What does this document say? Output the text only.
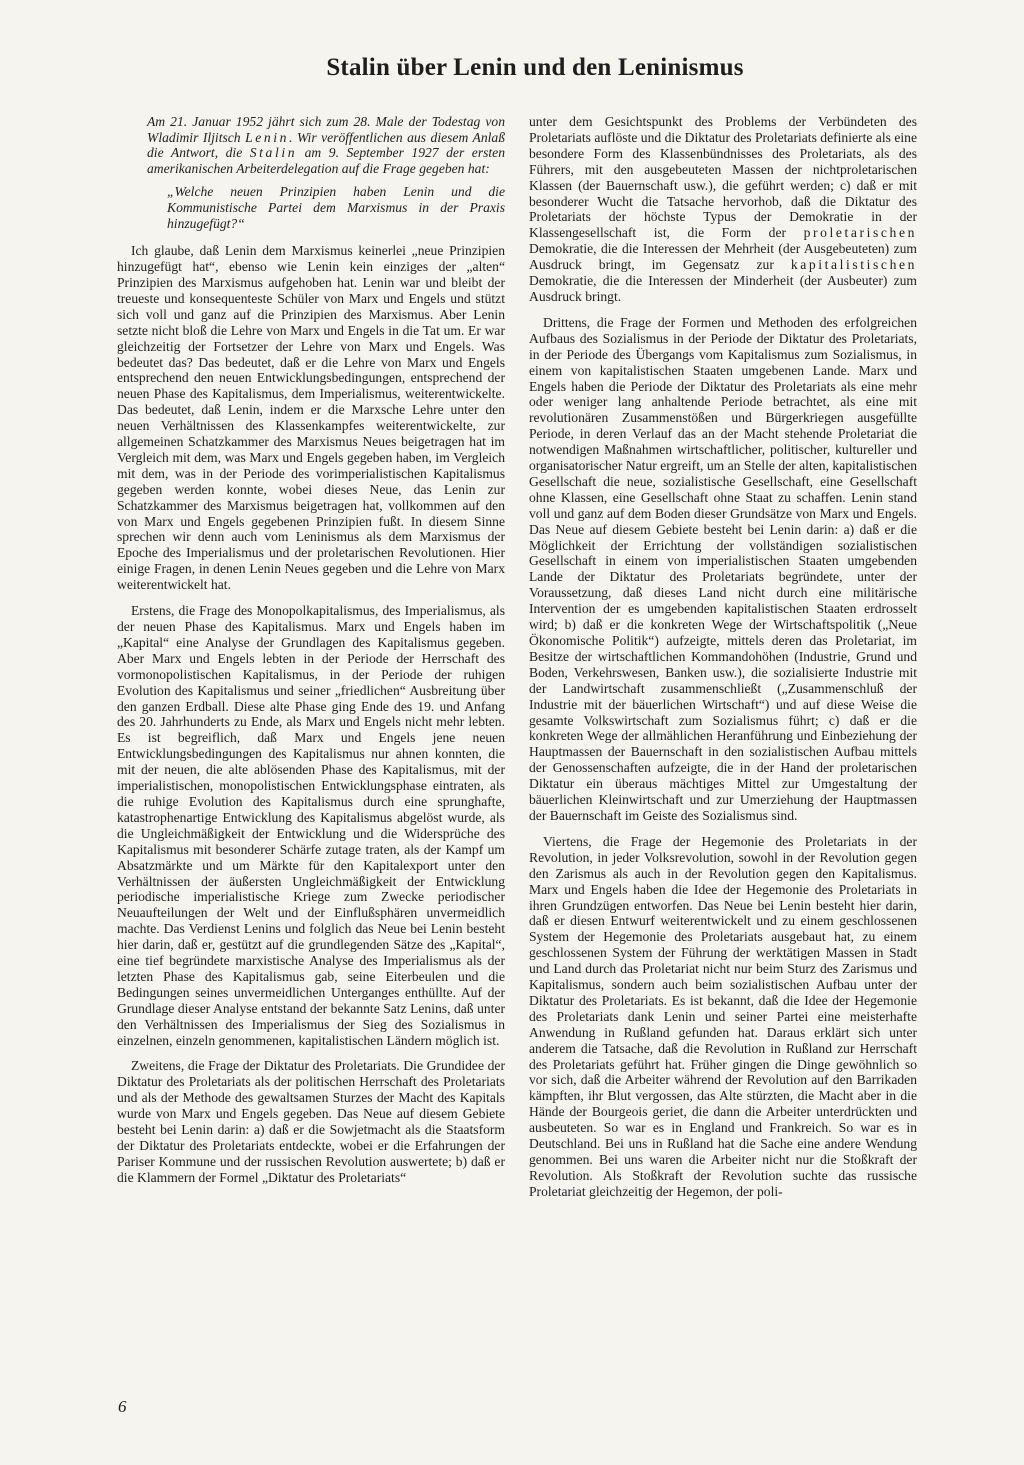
Stalin über Lenin und den Leninismus

Am 21. Januar 1952 jährt sich zum 28. Male der Todestag von Wladimir Iljitsch Lenin. Wir veröffentlichen aus diesem Anlaß die Antwort, die Stalin am 9. September 1927 der ersten amerikanischen Arbeiterdelegation auf die Frage gegeben hat:

„Welche neuen Prinzipien haben Lenin und die Kommunistische Partei dem Marxismus in der Praxis hinzugefügt?“

Ich glaube, daß Lenin dem Marxismus keinerlei „neue Prinzipien hinzugefügt hat“, ebenso wie Lenin kein einziges der „alten“ Prinzipien des Marxismus aufgehoben hat. Lenin war und bleibt der treueste und konsequenteste Schüler von Marx und Engels und stützt sich voll und ganz auf die Prinzipien des Marxismus. Aber Lenin setzte nicht bloß die Lehre von Marx und Engels in die Tat um. Er war gleichzeitig der Fortsetzer der Lehre von Marx und Engels. Was bedeutet das? Das bedeutet, daß er die Lehre von Marx und Engels entsprechend den neuen Entwicklungsbedingungen, entsprechend der neuen Phase des Kapitalismus, dem Imperialismus, weiterentwickelte. Das bedeutet, daß Lenin, indem er die Marxsche Lehre unter den neuen Verhältnissen des Klassenkampfes weiterentwickelte, zur allgemeinen Schatzkammer des Marxismus Neues beigetragen hat im Vergleich mit dem, was Marx und Engels gegeben haben, im Vergleich mit dem, was in der Periode des vorimperialistischen Kapitalismus gegeben werden konnte, wobei dieses Neue, das Lenin zur Schatzkammer des Marxismus beigetragen hat, vollkommen auf den von Marx und Engels gegebenen Prinzipien fußt. In diesem Sinne sprechen wir denn auch vom Leninismus als dem Marxismus der Epoche des Imperialismus und der proletarischen Revolutionen. Hier einige Fragen, in denen Lenin Neues gegeben und die Lehre von Marx weiterentwickelt hat.

Erstens, die Frage des Monopolkapitalismus, des Imperialismus, als der neuen Phase des Kapitalismus. Marx und Engels haben im „Kapital“ eine Analyse der Grundlagen des Kapitalismus gegeben. Aber Marx und Engels lebten in der Periode der Herrschaft des vormonopolistischen Kapitalismus, in der Periode der ruhigen Evolution des Kapitalismus und seiner „friedlichen“ Ausbreitung über den ganzen Erdball. Diese alte Phase ging Ende des 19. und Anfang des 20. Jahrhunderts zu Ende, als Marx und Engels nicht mehr lebten. Es ist begreiflich, daß Marx und Engels jene neuen Entwicklungsbedingungen des Kapitalismus nur ahnen konnten, die mit der neuen, die alte ablösenden Phase des Kapitalismus, mit der imperialistischen, monopolistischen Entwicklungsphase eintraten, als die ruhige Evolution des Kapitalismus durch eine sprunghafte, katastrophenartige Entwicklung des Kapitalismus abgelöst wurde, als die Ungleichmäßigkeit der Entwicklung und die Widersprüche des Kapitalismus mit besonderer Schärfe zutage traten, als der Kampf um Absatzmärkte und um Märkte für den Kapitalexport unter den Verhältnissen der äußersten Ungleichmäßigkeit der Entwicklung periodische imperialistische Kriege zum Zwecke periodischer Neuaufteilungen der Welt und der Einflußsphären unvermeidlich machte. Das Verdienst Lenins und folglich das Neue bei Lenin besteht hier darin, daß er, gestützt auf die grundlegenden Sätze des „Kapital“, eine tief begründete marxistische Analyse des Imperialismus als der letzten Phase des Kapitalismus gab, seine Eiterbeulen und die Bedingungen seines unvermeidlichen Unterganges enthüllte. Auf der Grundlage dieser Analyse entstand der bekannte Satz Lenins, daß unter den Verhältnissen des Imperialismus der Sieg des Sozialismus in einzelnen, einzeln genommenen, kapitalistischen Ländern möglich ist.

Zweitens, die Frage der Diktatur des Proletariats. Die Grundidee der Diktatur des Proletariats als der politischen Herrschaft des Proletariats und als der Methode des gewaltsamen Sturzes der Macht des Kapitals wurde von Marx und Engels gegeben. Das Neue auf diesem Gebiete besteht bei Lenin darin: a) daß er die Sowjetmacht als die Staatsform der Diktatur des Proletariats entdeckte, wobei er die Erfahrungen der Pariser Kommune und der russischen Revolution auswertete; b) daß er die Klammern der Formel „Diktatur des Proletariats“

unter dem Gesichtspunkt des Problems der Verbündeten des Proletariats auflöste und die Diktatur des Proletariats definierte als eine besondere Form des Klassenbündnisses des Proletariats, als des Führers, mit den ausgebeuteten Massen der nichtproletarischen Klassen (der Bauernschaft usw.), die geführt werden; c) daß er mit besonderer Wucht die Tatsache hervorhob, daß die Diktatur des Proletariats der höchste Typus der Demokratie in der Klassengesellschaft ist, die Form der proletarischen Demokratie, die die Interessen der Mehrheit (der Ausgebeuteten) zum Ausdruck bringt, im Gegensatz zur kapitalistischen Demokratie, die die Interessen der Minderheit (der Ausbeuter) zum Ausdruck bringt.

Drittens, die Frage der Formen und Methoden des erfolgreichen Aufbaus des Sozialismus in der Periode der Diktatur des Proletariats, in der Periode des Übergangs vom Kapitalismus zum Sozialismus, in einem von kapitalistischen Staaten umgebenen Lande. Marx und Engels haben die Periode der Diktatur des Proletariats als eine mehr oder weniger lang anhaltende Periode betrachtet, als eine mit revolutionären Zusammenstößen und Bürgerkriegen ausgefüllte Periode, in deren Verlauf das an der Macht stehende Proletariat die notwendigen Maßnahmen wirtschaftlicher, politischer, kultureller und organisatorischer Natur ergreift, um an Stelle der alten, kapitalistischen Gesellschaft die neue, sozialistische Gesellschaft, eine Gesellschaft ohne Klassen, eine Gesellschaft ohne Staat zu schaffen. Lenin stand voll und ganz auf dem Boden dieser Grundsätze von Marx und Engels. Das Neue auf diesem Gebiete besteht bei Lenin darin: a) daß er die Möglichkeit der Errichtung der vollständigen sozialistischen Gesellschaft in einem von imperialistischen Staaten umgebenden Lande der Diktatur des Proletariats begründete, unter der Voraussetzung, daß dieses Land nicht durch eine militärische Intervention der es umgebenden kapitalistischen Staaten erdrosselt wird; b) daß er die konkreten Wege der Wirtschaftspolitik („Neue Ökonomische Politik“) aufzeigte, mittels deren das Proletariat, im Besitze der wirtschaftlichen Kommandohöhen (Industrie, Grund und Boden, Verkehrswesen, Banken usw.), die sozialisierte Industrie mit der Landwirtschaft zusammenschließt („Zusammenschluß der Industrie mit der bäuerlichen Wirtschaft“) und auf diese Weise die gesamte Volkswirtschaft zum Sozialismus führt; c) daß er die konkreten Wege der allmählichen Heranführung und Einbeziehung der Hauptmassen der Bauernschaft in den sozialistischen Aufbau mittels der Genossenschaften aufzeigte, die in der Hand der proletarischen Diktatur ein überaus mächtiges Mittel zur Umgestaltung der bäuerlichen Kleinwirtschaft und zur Umerziehung der Hauptmassen der Bauernschaft im Geiste des Sozialismus sind.

Viertens, die Frage der Hegemonie des Proletariats in der Revolution, in jeder Volksrevolution, sowohl in der Revolution gegen den Zarismus als auch in der Revolution gegen den Kapitalismus. Marx und Engels haben die Idee der Hegemonie des Proletariats in ihren Grundzügen entworfen. Das Neue bei Lenin besteht hier darin, daß er diesen Entwurf weiterentwickelt und zu einem geschlossenen System der Hegemonie des Proletariats ausgebaut hat, zu einem geschlossenen System der Führung der werktätigen Massen in Stadt und Land durch das Proletariat nicht nur beim Sturz des Zarismus und Kapitalismus, sondern auch beim sozialistischen Aufbau unter der Diktatur des Proletariats. Es ist bekannt, daß die Idee der Hegemonie des Proletariats dank Lenin und seiner Partei eine meisterhafte Anwendung in Rußland gefunden hat. Daraus erklärt sich unter anderem die Tatsache, daß die Revolution in Rußland zur Herrschaft des Proletariats geführt hat. Früher gingen die Dinge gewöhnlich so vor sich, daß die Arbeiter während der Revolution auf den Barrikaden kämpften, ihr Blut vergossen, das Alte stürzten, die Macht aber in die Hände der Bourgeois geriet, die dann die Arbeiter unterdrückten und ausbeuteten. So war es in England und Frankreich. So war es in Deutschland. Bei uns in Rußland hat die Sache eine andere Wendung genommen. Bei uns waren die Arbeiter nicht nur die Stoßkraft der Revolution. Als Stoßkraft der Revolution suchte das russische Proletariat gleichzeitig der Hegemon, der poli-

6
